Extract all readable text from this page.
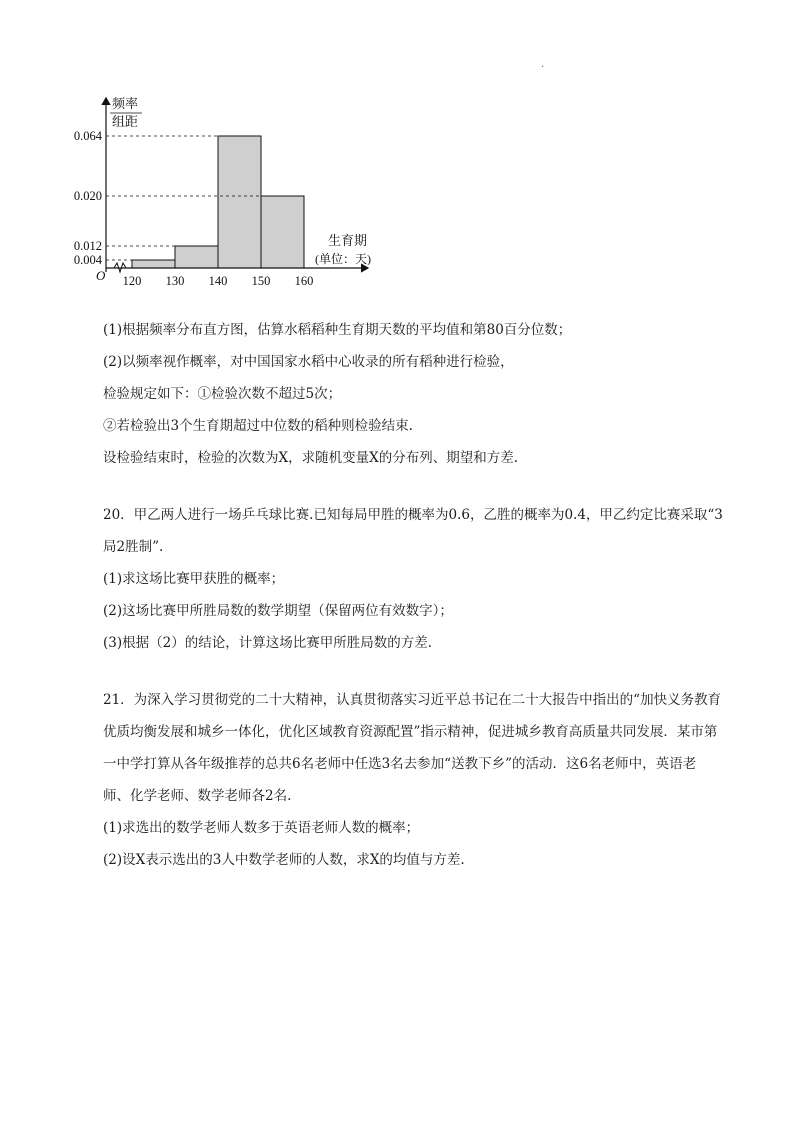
·
频率
组距
生育期
(单位：天)
O
0.064
0.020
0.012
0.004
120 130 140 150 160
(1)根据频率分布直方图，估算水稻稻种生育期天数的平均值和第80百分位数；
(2)以频率视作概率，对中国国家水稻中心收录的所有稻种进行检验，
检验规定如下：①检验次数不超过5次；
②若检验出3个生育期超过中位数的稻种则检验结束.
设检验结束时，检验的次数为X，求随机变量X的分布列、期望和方差.
20．甲乙两人进行一场乒乓球比赛.已知每局甲胜的概率为0.6，乙胜的概率为0.4，甲乙约定比赛采取“3
局2胜制”.
(1)求这场比赛甲获胜的概率；
(2)这场比赛甲所胜局数的数学期望（保留两位有效数字）；
(3)根据（2）的结论，计算这场比赛甲所胜局数的方差.
21．为深入学习贯彻党的二十大精神，认真贯彻落实习近平总书记在二十大报告中指出的“加快义务教育
优质均衡发展和城乡一体化，优化区域教育资源配置”指示精神，促进城乡教育高质量共同发展．某市第
一中学打算从各年级推荐的总共6名老师中任选3名去参加“送教下乡”的活动．这6名老师中，英语老
师、化学老师、数学老师各2名.
(1)求选出的数学老师人数多于英语老师人数的概率；
(2)设X表示选出的3人中数学老师的人数，求X的均值与方差.
